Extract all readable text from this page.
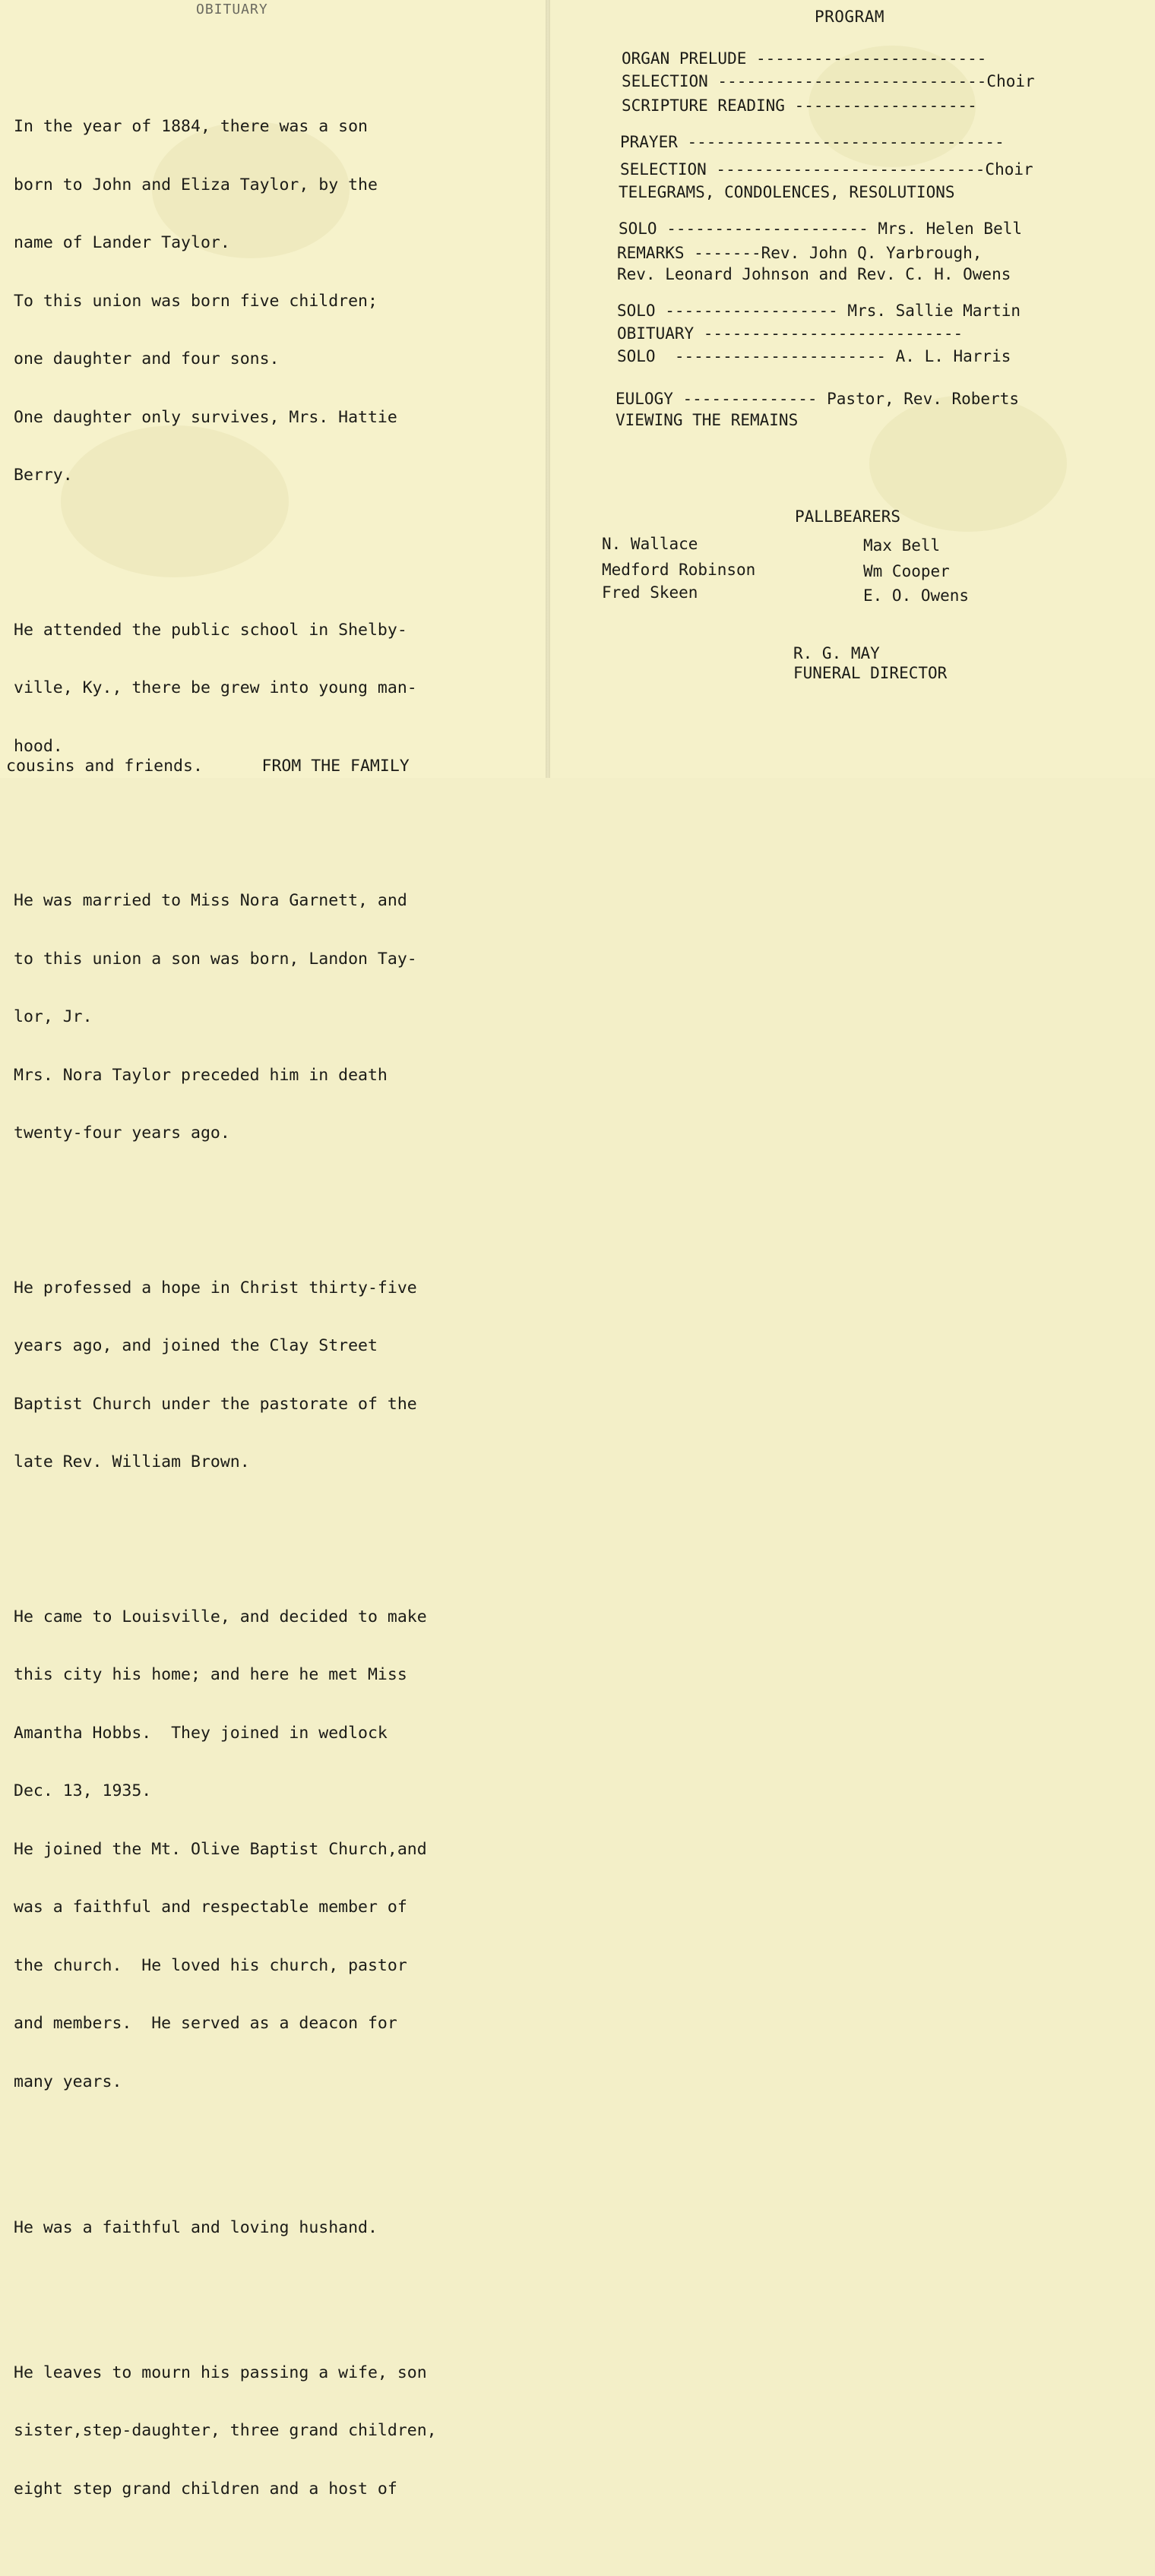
OBITUARY

In the year of 1884, there was a son

born to John and Eliza Taylor, by the

name of Lander Taylor.

To this union was born five children;

one daughter and four sons.

One daughter only survives, Mrs. Hattie

Berry.

He attended the public school in Shelby-

ville, Ky., there be grew into young man-

hood.

He was married to Miss Nora Garnett, and

to this union a son was born, Landon Tay-

lor, Jr.

Mrs. Nora Taylor preceded him in death

twenty-four years ago.

He professed a hope in Christ thirty-five

years ago, and joined the Clay Street

Baptist Church under the pastorate of the

late Rev. William Brown.

He came to Louisville, and decided to make

this city his home; and here he met Miss

Amantha Hobbs.  They joined in wedlock

Dec. 13, 1935.

He joined the Mt. Olive Baptist Church,and

was a faithful and respectable member of

the church.  He loved his church, pastor

and members.  He served as a deacon for

many years.

He was a faithful and loving hushand.

He leaves to mourn his passing a wife, son

sister,step-daughter, three grand children,

eight step grand children and a host of

cousins and friends.      FROM THE FAMILY
PROGRAM
ORGAN PRELUDE ------------------------
SELECTION ----------------------------Choir
SCRIPTURE READING -------------------
PRAYER ---------------------------------
SELECTION ----------------------------Choir
TELEGRAMS, CONDOLENCES, RESOLUTIONS
SOLO --------------------- Mrs. Helen Bell
REMARKS -------Rev. John Q. Yarbrough,
Rev. Leonard Johnson and Rev. C. H. Owens
SOLO ------------------ Mrs. Sallie Martin
OBITUARY ---------------------------
SOLO  ---------------------- A. L. Harris
EULOGY -------------- Pastor, Rev. Roberts
VIEWING THE REMAINS
PALLBEARERS
N. Wallace
Medford Robinson
Fred Skeen
Max Bell
Wm Cooper
E. O. Owens
R. G. MAY
FUNERAL DIRECTOR
